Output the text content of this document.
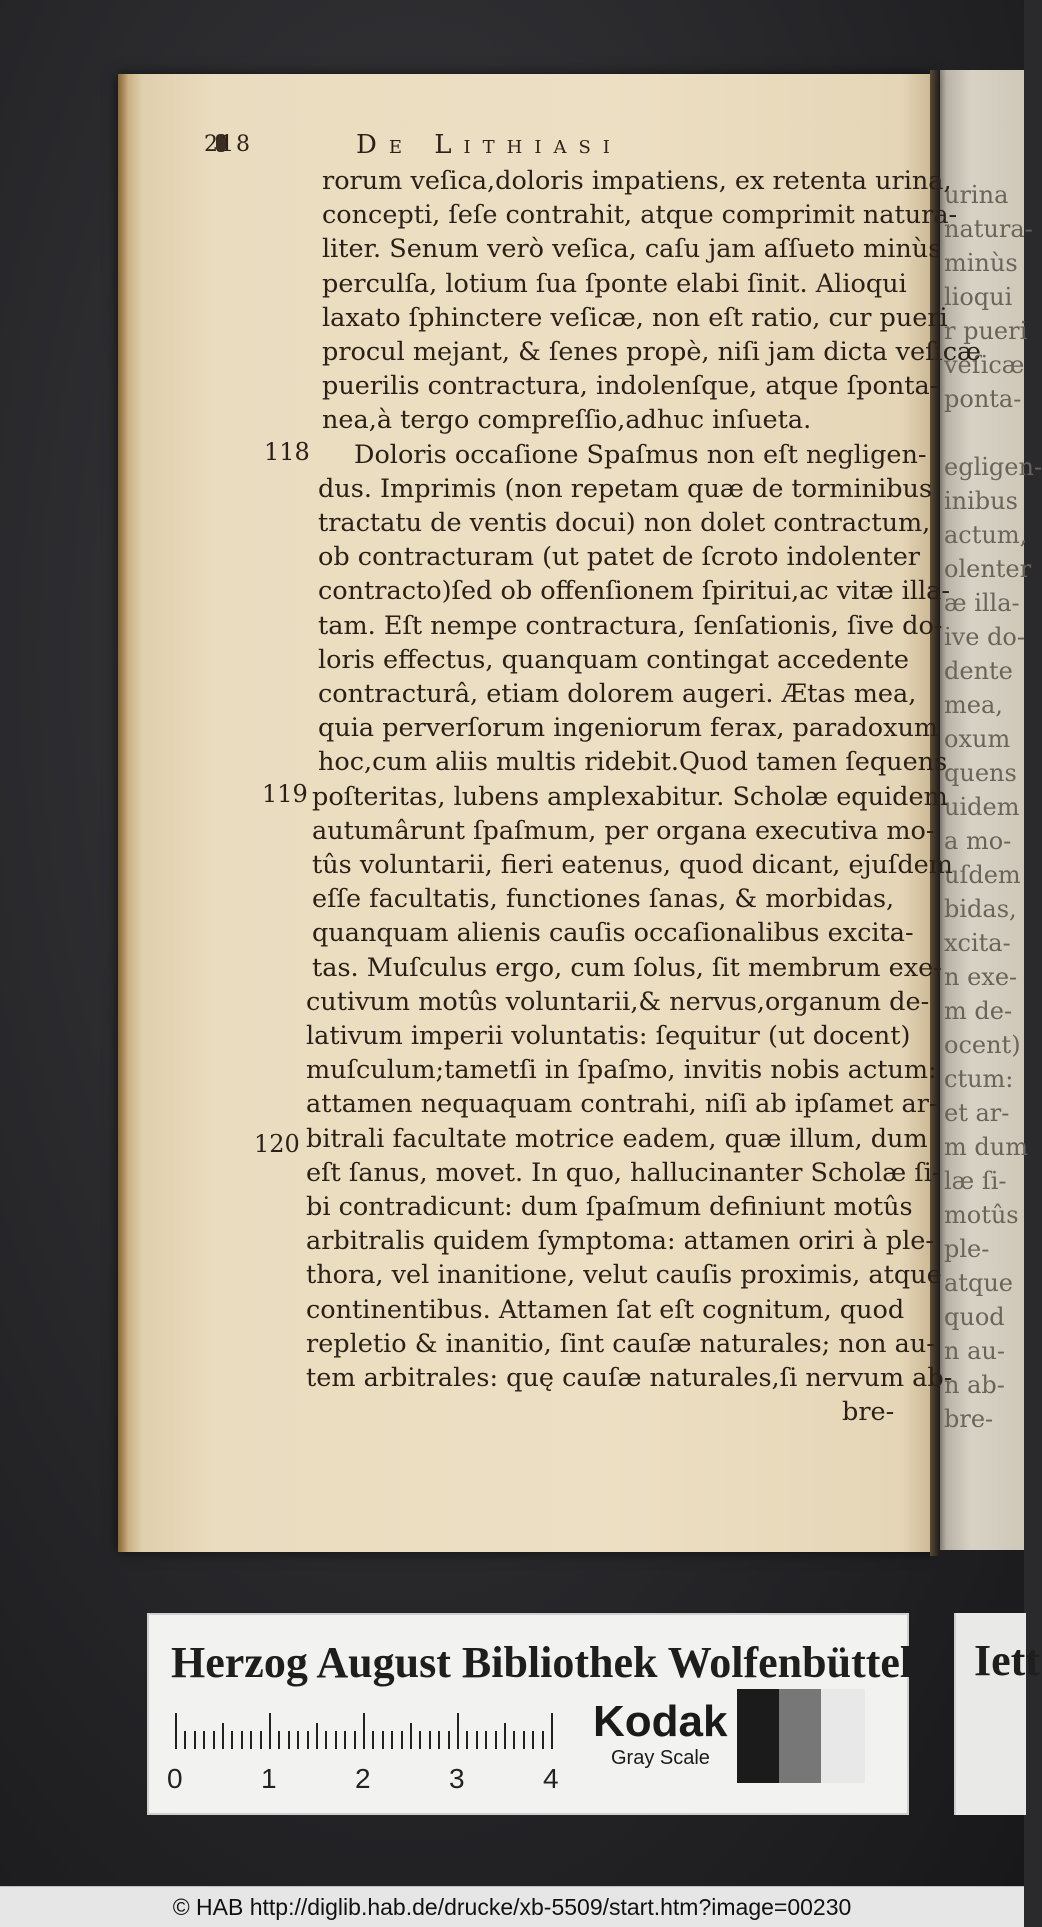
urina
natura-
minùs
lioqui
r pueri
veſicæ
ponta-
egligen-
inibus
actum,
olenter
æ illa-
ive do-
dente
mea,
oxum
quens
uidem
a mo-
uſdem
bidas,
xcita-
n exe-
m de-
ocent)
ctum:
et ar-
m dum
læ ſi-
motûs
ple-
atque
quod
n au-
n ab-
bre-
218	De Lithiasi
rorum veſica,doloris impatiens, ex retenta urina,
concepti, ſeſe contrahit, atque comprimit natura-
liter. Senum verò veſica, caſu jam aſſueto minùs
perculſa, lotium ſua ſponte elabi ſinit. Alioqui
laxato ſphinctere veſicæ, non eſt ratio, cur pueri
procul mejant, & ſenes propè, niſi jam dicta veſicæ
puerilis contractura, indolenſque, atque ſponta-
nea,à tergo compreſſio,adhuc inſueta.
Doloris occaſione Spaſmus non eſt negligen-
dus. Imprimis (non repetam quæ de torminibus
tractatu de ventis docui) non dolet contractum,
ob contracturam (ut patet de ſcroto indolenter
contracto)ſed ob offenſionem ſpiritui,ac vitæ illa-
tam. Eſt nempe contractura, ſenſationis, ſive do-
loris effectus, quanquam contingat accedente
contracturâ, etiam dolorem augeri. Ætas mea,
quia perverſorum ingeniorum ferax, paradoxum
hoc,cum aliis multis ridebit.Quod tamen ſequens
poſteritas, lubens amplexabitur. Scholæ equidem
autumârunt ſpaſmum, per organa executiva mo-
tûs voluntarii, fieri eatenus, quod dicant, ejuſdem
eſſe facultatis, functiones ſanas, & morbidas,
quanquam alienis cauſis occaſionalibus excita-
tas. Muſculus ergo, cum ſolus, ſit membrum exe-
cutivum motûs voluntarii,& nervus,organum de-
lativum imperii voluntatis: ſequitur (ut docent)
muſculum;tametſi in ſpaſmo, invitis nobis actum:
attamen nequaquam contrahi, niſi ab ipſamet ar-
bitrali facultate motrice eadem, quæ illum, dum
eſt ſanus, movet. In quo, hallucinanter Scholæ ſi-
bi contradicunt: dum ſpaſmum definiunt motûs
arbitralis quidem ſymptoma: attamen oriri à ple-
thora, vel inanitione, velut cauſis proximis, atque
continentibus. Attamen ſat eſt cognitum, quod
repletio & inanitio, ſint cauſæ naturales; non au-
tem arbitrales: quę cauſæ naturales,ſi nervum ab-
bre-
118
119
120
Herzog August Bibliothek Wolfenbüttel
0	1	2	3	4
Kodak
Gray Scale
Iett
© HAB http://diglib.hab.de/drucke/xb-5509/start.htm?image=00230
